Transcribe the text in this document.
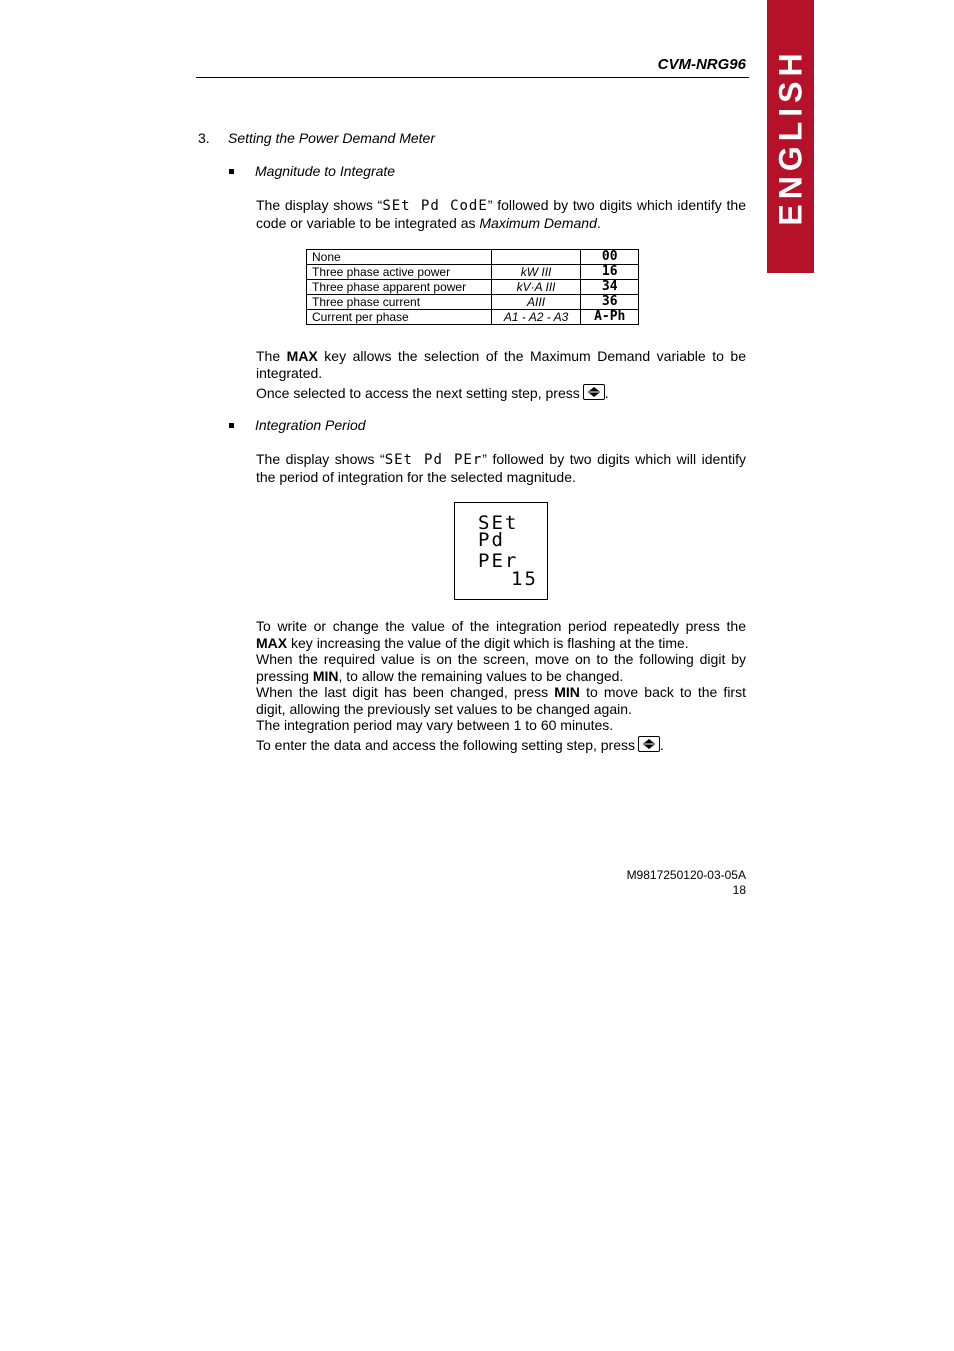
CVM-NRG96 ENGLISH
3. Setting the Power Demand Meter
Magnitude to Integrate
The display shows “SEt Pd CodE” followed by two digits which identify the code or variable to be integrated as Maximum Demand.
None		00
Three phase active power	kW III	16
Three phase apparent power	kV·A III	34
Three phase current	AIII	36
Current per phase	A1 - A2 - A3	A-Ph
The MAX key allows the selection of the Maximum Demand variable to be integrated.
Once selected to access the next setting step, press .
Integration Period
The display shows “SEt Pd PEr” followed by two digits which will identify the period of integration for the selected magnitude.
SEt
Pd
PEr
15
To write or change the value of the integration period repeatedly press the MAX key increasing the value of the digit which is flashing at the time.
When the required value is on the screen, move on to the following digit by pressing MIN, to allow the remaining values to be changed.
When the last digit has been changed, press MIN to move back to the first digit, allowing the previously set values to be changed again.
The integration period may vary between 1 to 60 minutes.
To enter the data and access the following setting step, press .
M9817250120-03-05A
18
